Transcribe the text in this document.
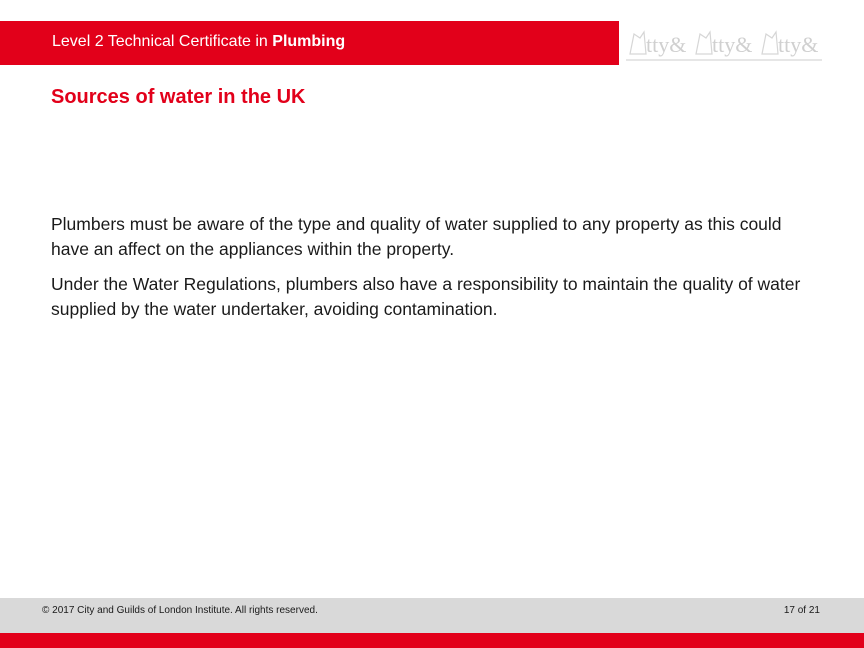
Level 2 Technical Certificate in Plumbing	tty& tty& tty&
Sources of water in the UK

Plumbers must be aware of the type and quality of water supplied to any property as this could have an affect on the appliances within the property.

Under the Water Regulations, plumbers also have a responsibility to maintain the quality of water supplied by the water undertaker, avoiding contamination.

© 2017 City and Guilds of London Institute. All rights reserved.	17 of 21
